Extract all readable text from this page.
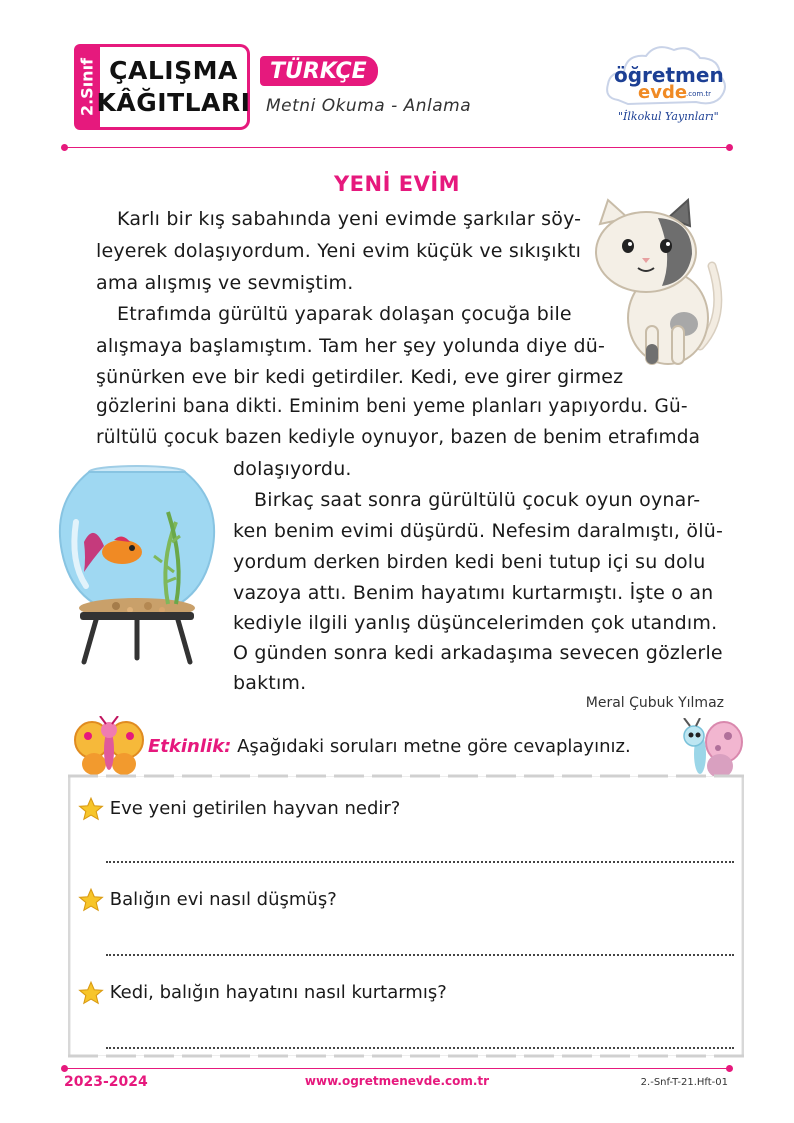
2.Sınıf ÇALIŞMA
KÂĞITLARI
TÜRKÇE
Metni Okuma - Anlama
öğretmen
evde
.com.tr
"İlkokul Yayınları"
YENİ EVİM
Karlı bir kış sabahında yeni evimde şarkılar söy-
leyerek dolaşıyordum. Yeni evim küçük ve sıkışıktı
ama alışmış ve sevmiştim.
Etrafımda gürültü yaparak dolaşan çocuğa bile
alışmaya başlamıştım. Tam her şey yolunda diye dü-
şünürken eve bir kedi getirdiler. Kedi, eve girer girmez
gözlerini bana dikti. Eminim beni yeme planları yapıyordu. Gü-
rültülü çocuk bazen kediyle oynuyor, bazen de benim etrafımda
dolaşıyordu.
Birkaç saat sonra gürültülü çocuk oyun oynar-
ken benim evimi düşürdü. Nefesim daralmıştı, ölü-
yordum derken birden kedi beni tutup içi su dolu
vazoya attı. Benim hayatımı kurtarmıştı. İşte o an
kediyle ilgili yanlış düşüncelerimden çok utandım.
O günden sonra kedi arkadaşıma sevecen gözlerle
baktım.
Meral Çubuk Yılmaz
Etkinlik: Aşağıdaki soruları metne göre cevaplayınız.
Eve yeni getirilen hayvan nedir?
Balığın evi nasıl düşmüş?
Kedi, balığın hayatını nasıl kurtarmış?
2023-2024	www.ogretmenevde.com.tr	2.-Snf-T-21.Hft-01
